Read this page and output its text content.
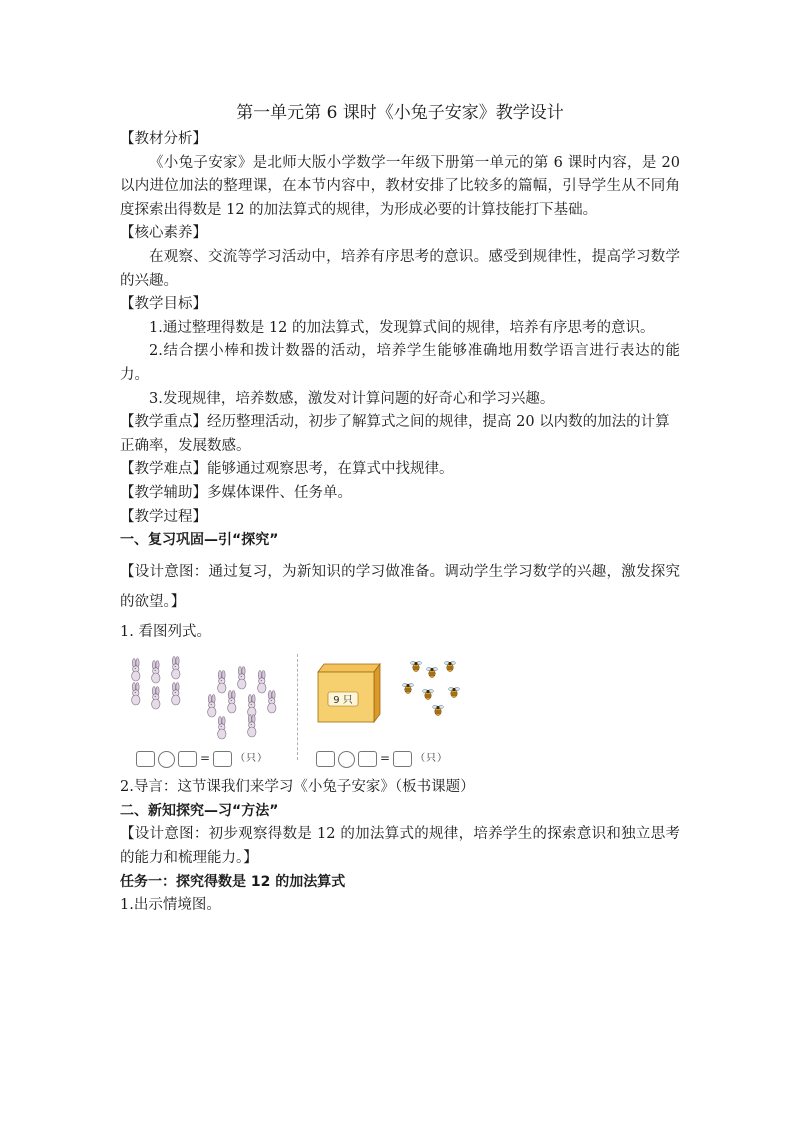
第一单元第 6 课时《小兔子安家》教学设计

【教材分析】

《小兔子安家》是北师大版小学数学一年级下册第一单元的第 6 课时内容，是 20 以内进位加法的整理课，在本节内容中，教材安排了比较多的篇幅，引导学生从不同角度探索出得数是 12 的加法算式的规律，为形成必要的计算技能打下基础。

【核心素养】

在观察、交流等学习活动中，培养有序思考的意识。感受到规律性，提高学习数学的兴趣。

【教学目标】

1.通过整理得数是 12 的加法算式，发现算式间的规律，培养有序思考的意识。

2.结合摆小棒和拨计数器的活动，培养学生能够准确地用数学语言进行表达的能力。

3.发现规律，培养数感，激发对计算问题的好奇心和学习兴趣。

【教学重点】经历整理活动，初步了解算式之间的规律，提高 20 以内数的加法的计算正确率，发展数感。

【教学难点】能够通过观察思考，在算式中找规律。

【教学辅助】多媒体课件、任务单。

【教学过程】

一、复习巩固—引“探究”

【设计意图：通过复习，为新知识的学习做准备。调动学生学习数学的兴趣，激发探究的欲望。】

1. 看图列式。

=	（只）
9 只
=	（只）

2.导言：这节课我们来学习《小兔子安家》（板书课题）

二、新知探究—习“方法”

【设计意图：初步观察得数是 12 的加法算式的规律，培养学生的探索意识和独立思考的能力和梳理能力。】

任务一：探究得数是 12 的加法算式

1.出示情境图。
